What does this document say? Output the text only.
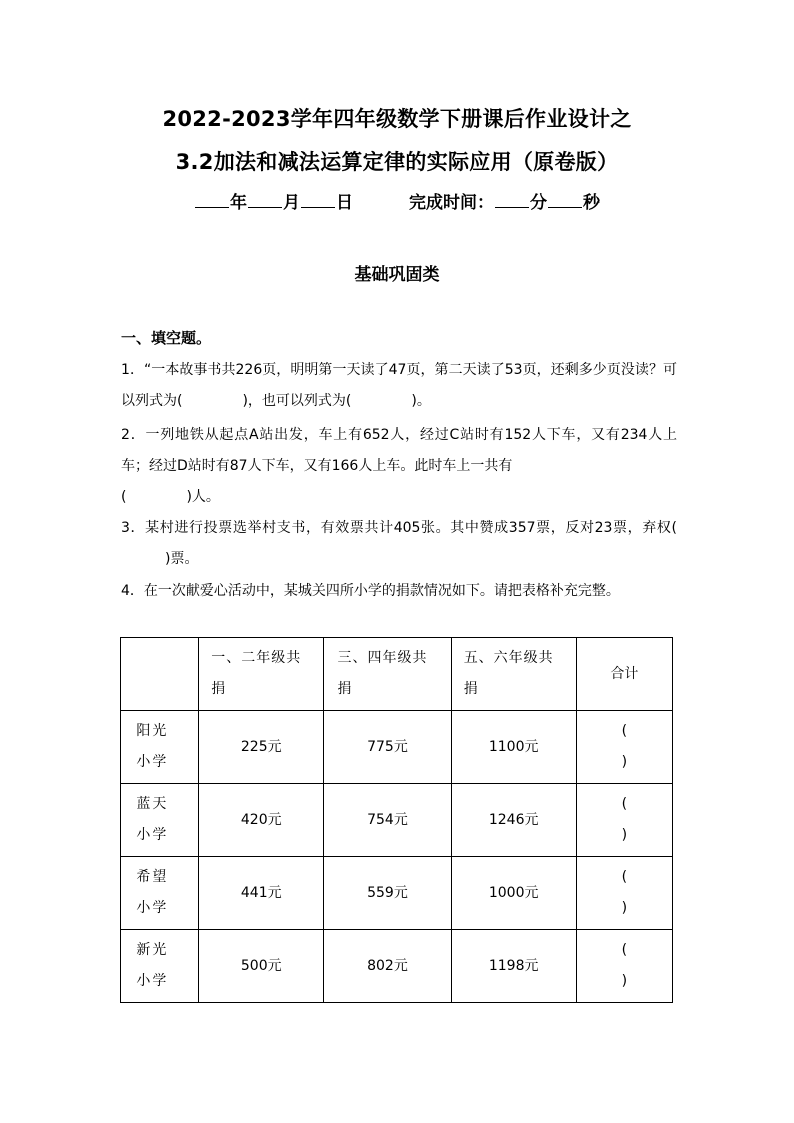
2022-2023学年四年级数学下册课后作业设计之
3.2加法和减法运算定律的实际应用（原卷版）
年 月 日	完成时间： 分 秒
基础巩固类
一、填空题。
1．“一本故事书共226页，明明第一天读了47页，第二天读了53页，还剩多少页没读？可以列式为(	)，也可以列式为(	)。
2．一列地铁从起点A站出发，车上有652人，经过C站时有152人下车，又有234人上车；经过D站时有87人下车，又有166人上车。此时车上一共有
(	)人。
3．某村进行投票选举村支书，有效票共计405张。其中赞成357票，反对23票，弃权()票。
4．在一次献爱心活动中，某城关四所小学的捐款情况如下。请把表格补充完整。
	一、二年级共捐	三、四年级共捐	五、六年级共捐	合计
阳光小学	225元	775元	1100元	(
)

蓝天小学	420元	754元	1246元	(
)

希望小学	441元	559元	1000元	(
)

新光小学	500元	802元	1198元	(
)
